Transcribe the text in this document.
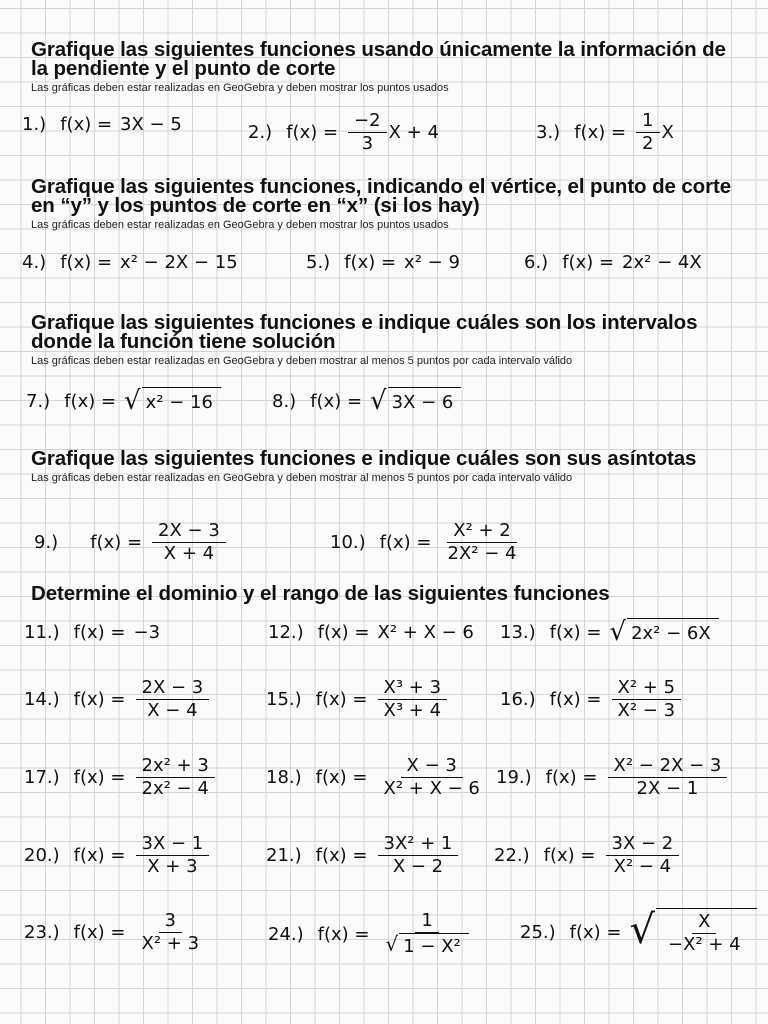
Grafique las siguientes funciones usando únicamente la información de la pendiente y el punto de corte
Las gráficas deben estar realizadas en GeoGebra y deben mostrar los puntos usados
1.) f(x) = 3X − 5	2.) $f(x) = \frac{-2}{3}$ X + 4	3.) $f(x) = \frac{1}{2}$ X
Grafique las siguientes funciones, indicando el vértice, el punto de corte en “y” y los puntos de corte en “x” (si los hay)
Las gráficas deben estar realizadas en GeoGebra y deben mostrar los puntos usados
4.) f(x) = x² − 2X − 15	5.) f(x) = x² − 9	6.) f(x) = 2x² − 4X
Grafique las siguientes funciones e indique cuáles son los intervalos donde la función tiene solución
Las gráficas deben estar realizadas en GeoGebra y deben mostrar al menos 5 puntos por cada intervalo válido
7.) f(x) = √ x² − 16	8.) f(x) = √ 3X − 6
Grafique las siguientes funciones e indique cuáles son sus asíntotas
Las gráficas deben estar realizadas en GeoGebra y deben mostrar al menos 5 puntos por cada intervalo válido
9.) $f(x) = \frac{2X - 3}{X + 4}$	10.) $f(x) = \frac{\text{X² + 2}}{\text{2X² − 4}}$
Determine el dominio y el rango de las siguientes funciones
11.) f(x) = −3	12.) f(x) = X² + X − 6 13.) f(x) = √ 2x² − 6X
14.) $f(x) = \frac{2X - 3}{X - 4}$	15.) $f(x) = \frac{\text{X³ + 3}}{\text{X³ + 4}}$	16.) $f(x) = \frac{\text{X² + 5}}{\text{X² − 3}}$
17.) $f(x) = \frac{\text{2x² + 3}}{\text{2x² − 4}}$	18.) $f(x) = \frac{X - 3}{\text{X² + X − 6}} 19$.) $f(x) = \frac{\text{X² − 2X − 3}}{2X - 1}$
20.) $f(x) = \frac{3X - 1}{X + 3}$	21.) $f(x) = \frac{\text{3X² + 1}}{X - 2} 22$.) $f(x) = \frac{3X - 2}{\text{X² − 4}}$
23.) $f(x) = \frac{3}{\text{X² + 3}}$	24.) $f(x) = \frac{1}{\text{√ 1 − X²}}$	25.) f(x) = √ $\frac{X}{\text{−X² + 4}}$
